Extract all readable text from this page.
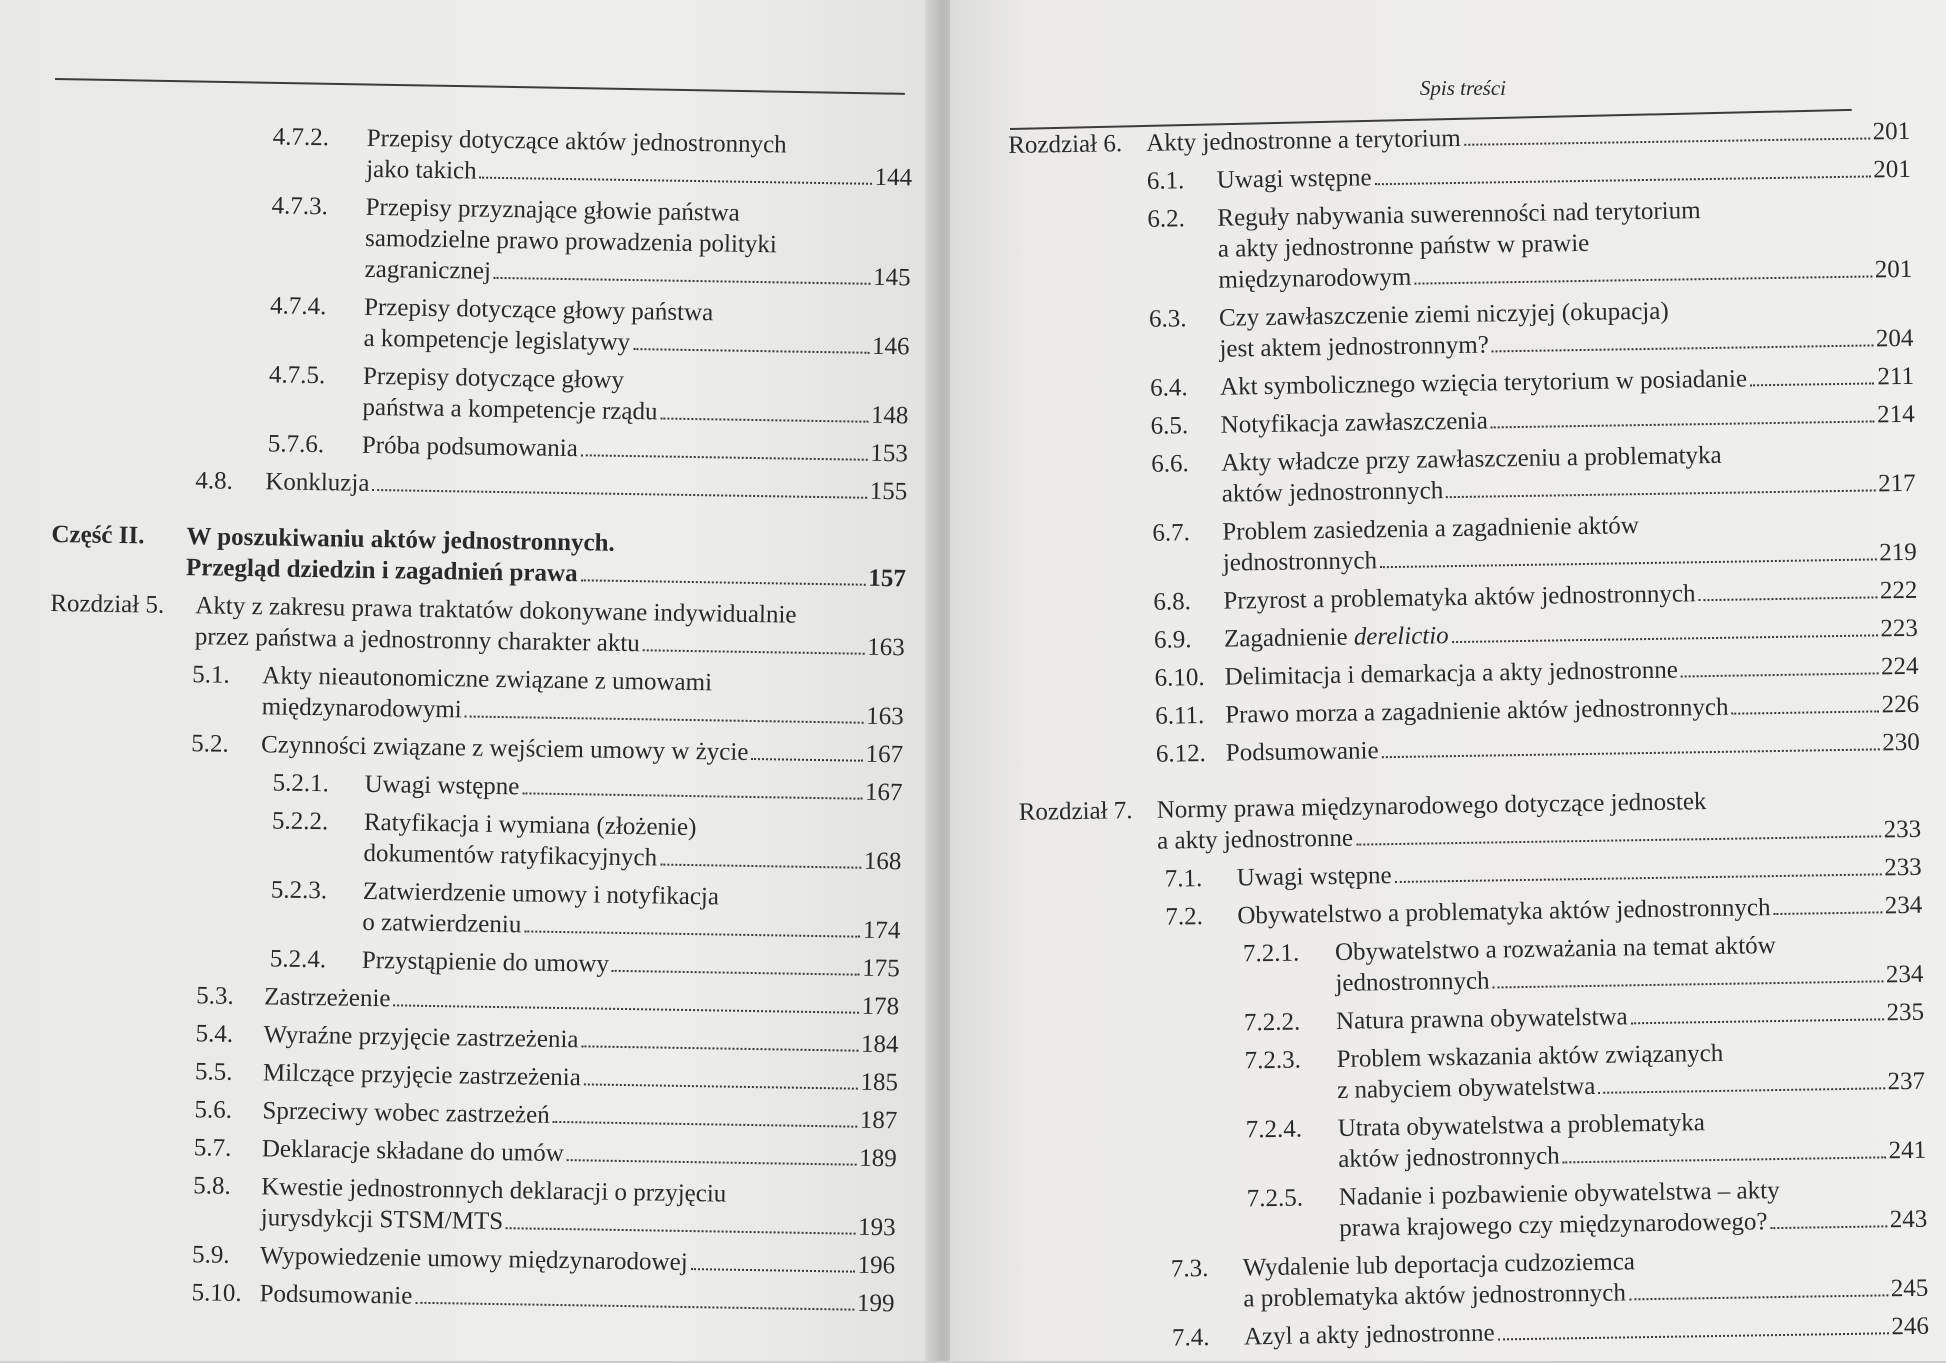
4.7.2.	Przepisy dotyczące aktów jednostronnych
jako takich	144
4.7.3.	Przepisy przyznające głowie państwa
samodzielne prawo prowadzenia polityki
zagranicznej	145
4.7.4.	Przepisy dotyczące głowy państwa
a kompetencje legislatywy	146
4.7.5.	Przepisy dotyczące głowy
państwa a kompetencje rządu	148
5.7.6.	Próba podsumowania	153
4.8.	Konkluzja	155
Część II.	W poszukiwaniu aktów jednostronnych.
Przegląd dziedzin i zagadnień prawa	157
Rozdział 5.	Akty z zakresu prawa traktatów dokonywane indywidualnie
przez państwa a jednostronny charakter aktu	163
5.1.	Akty nieautonomiczne związane z umowami
międzynarodowymi	163
5.2.	Czynności związane z wejściem umowy w życie	167
5.2.1.	Uwagi wstępne	167
5.2.2.	Ratyfikacja i wymiana (złożenie)
dokumentów ratyfikacyjnych	168
5.2.3.	Zatwierdzenie umowy i notyfikacja
o zatwierdzeniu	174
5.2.4.	Przystąpienie do umowy	175
5.3.	Zastrzeżenie	178
5.4.	Wyraźne przyjęcie zastrzeżenia	184
5.5.	Milczące przyjęcie zastrzeżenia	185
5.6.	Sprzeciwy wobec zastrzeżeń	187
5.7.	Deklaracje składane do umów	189
5.8.	Kwestie jednostronnych deklaracji o przyjęciu
jurysdykcji STSM/MTS	193
5.9.	Wypowiedzenie umowy międzynarodowej	196
5.10. Podsumowanie	199
Spis treści
Rozdział 6. Akty jednostronne a terytorium	201
6.1.	Uwagi wstępne	201
6.2.	Reguły nabywania suwerenności nad terytorium
a akty jednostronne państw w prawie
międzynarodowym	201
6.3.	Czy zawłaszczenie ziemi niczyjej (okupacja)
jest aktem jednostronnym?	204
6.4.	Akt symbolicznego wzięcia terytorium w posiadanie	211
6.5.	Notyfikacja zawłaszczenia	214
6.6.	Akty władcze przy zawłaszczeniu a problematyka
aktów jednostronnych	217
6.7.	Problem zasiedzenia a zagadnienie aktów
jednostronnych	219
6.8.	Przyrost a problematyka aktów jednostronnych	222
6.9.	Zagadnienie derelictio	223
6.10. Delimitacja i demarkacja a akty jednostronne	224
6.11. Prawo morza a zagadnienie aktów jednostronnych	226
6.12. Podsumowanie	230
Rozdział 7. Normy prawa międzynarodowego dotyczące jednostek
a akty jednostronne	233
7.1.	Uwagi wstępne	233
7.2.	Obywatelstwo a problematyka aktów jednostronnych	234
7.2.1.	Obywatelstwo a rozważania na temat aktów
jednostronnych	234
7.2.2.	Natura prawna obywatelstwa	235
7.2.3.	Problem wskazania aktów związanych
z nabyciem obywatelstwa	237
7.2.4.	Utrata obywatelstwa a problematyka
aktów jednostronnych	241
7.2.5.	Nadanie i pozbawienie obywatelstwa – akty
prawa krajowego czy międzynarodowego?	243
7.3.	Wydalenie lub deportacja cudzoziemca
a problematyka aktów jednostronnych	245
7.4.	Azyl a akty jednostronne	246
